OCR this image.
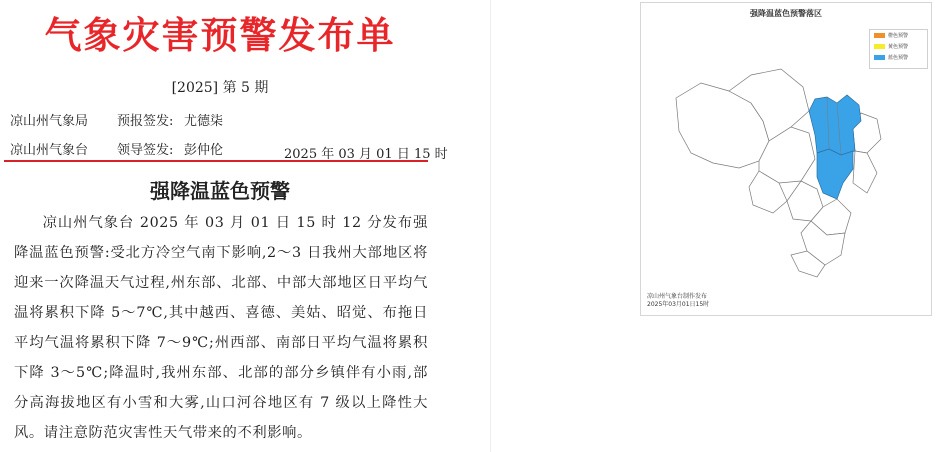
气象灾害预警发布单
[2025] 第 5 期
凉山州气象局 预报签发: 尤德柒
凉山州气象台 领导签发: 彭仲伦	2025 年 03 月 01 日 15 时
强降温蓝色预警

凉山州气象台 2025 年 03 月 01 日 15 时 12 分发布强降温蓝色预警:受北方冷空气南下影响,2～3 日我州大部地区将迎来一次降温天气过程,州东部、北部、中部大部地区日平均气温将累积下降 5～7℃,其中越西、喜德、美姑、昭觉、布拖日平均气温将累积下降 7～9℃;州西部、南部日平均气温将累积下降 3～5℃;降温时,我州东部、北部的部分乡镇伴有小雨,部分高海拔地区有小雪和大雾,山口河谷地区有 7 级以上降性大风。请注意防范灾害性天气带来的不利影响。

强降温蓝色预警落区
橙色预警
黄色预警
蓝色预警
凉山州气象台制作发布
2025年03月01日15时
